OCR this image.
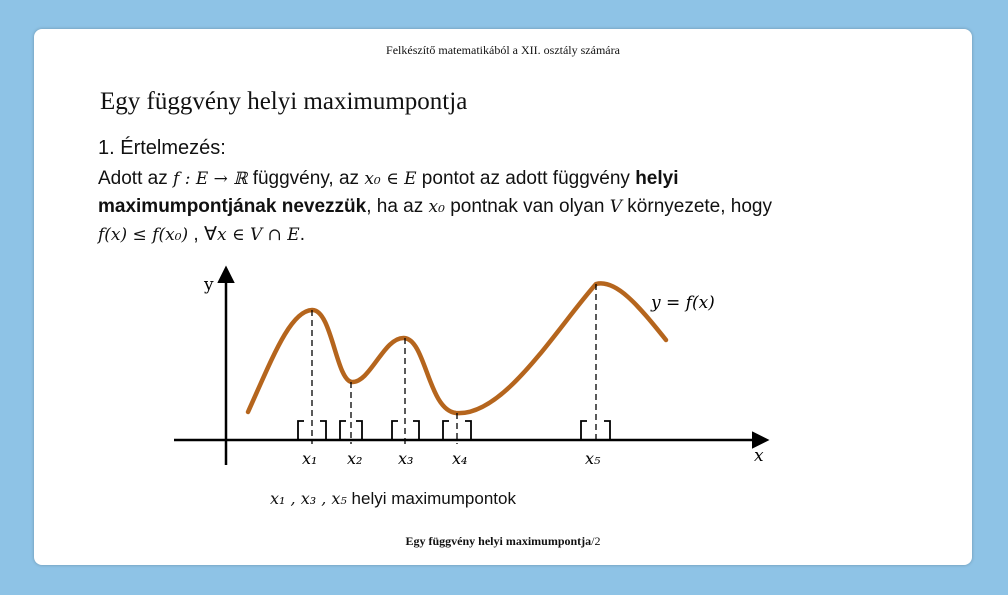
Felkészítő matematikából a XII. osztály számára
Egy függvény helyi maximumpontja
1. Értelmezés:
Adott az f : E → ℝ függvény, az x₀ ∈ E pontot az adott függvény helyi
maximumpontjának nevezzük, ha az x₀ pontnak van olyan V környezete, hogy
f(x) ≤ f(x₀) , ∀x ∈ V ∩ E.
y
x
y = f(x)
x₁ x₂ x₃ x₄	x₅
x₁ , x₃ , x₅ helyi maximumpontok
Egy függvény helyi maximumpontja/2
